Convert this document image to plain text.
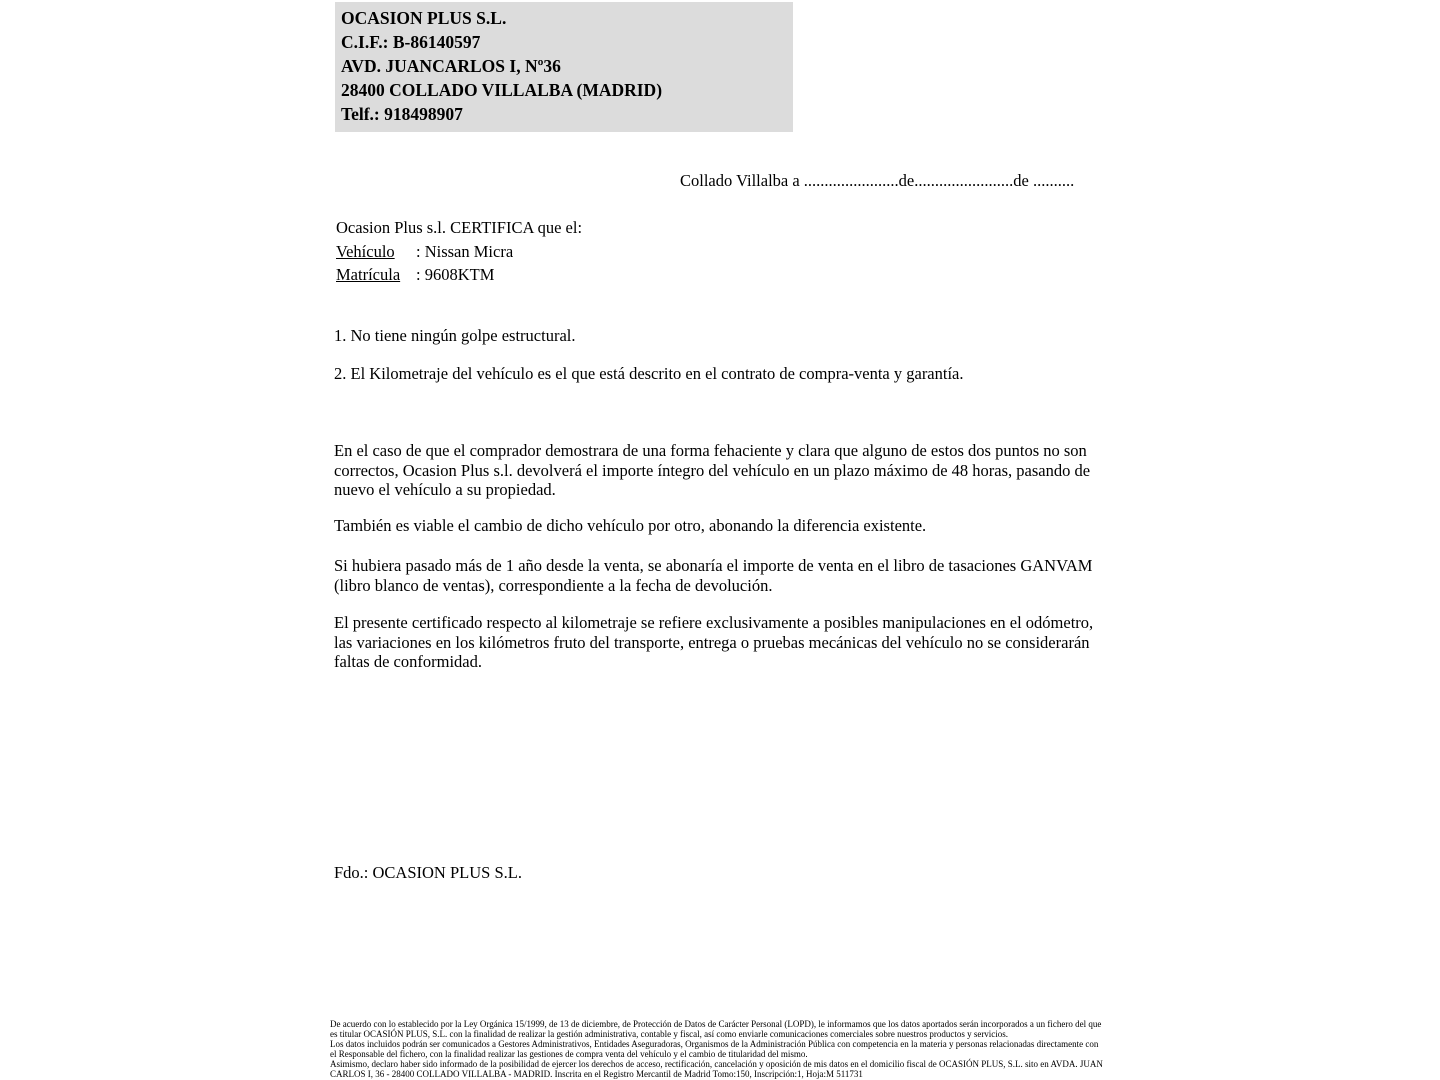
OCASION PLUS S.L.
C.I.F.: B-86140597
AVD. JUANCARLOS I, Nº36
28400 COLLADO VILLALBA (MADRID)
Telf.: 918498907
Collado Villalba a .......................de........................de ..........
Ocasion Plus s.l. CERTIFICA que el:
Vehículo : Nissan Micra
Matrícula : 9608KTM
1. No tiene ningún golpe estructural.
2. El Kilometraje del vehículo es el que está descrito en el contrato de compra-venta y garantía.
En el caso de que el comprador demostrara de una forma fehaciente y clara que alguno de estos dos puntos no son correctos, Ocasion Plus s.l. devolverá el importe íntegro del vehículo en un plazo máximo de 48 horas, pasando de nuevo el vehículo a su propiedad.
También es viable el cambio de dicho vehículo por otro, abonando la diferencia existente.
Si hubiera pasado más de 1 año desde la venta, se abonaría el importe de venta en el libro de tasaciones GANVAM (libro blanco de ventas), correspondiente a la fecha de devolución.
El presente certificado respecto al kilometraje se refiere exclusivamente a posibles manipulaciones en el odómetro, las variaciones en los kilómetros fruto del transporte, entrega o pruebas mecánicas del vehículo no se considerarán faltas de conformidad.
Fdo.: OCASION PLUS S.L.
De acuerdo con lo establecido por la Ley Orgánica 15/1999, de 13 de diciembre, de Protección de Datos de Carácter Personal (LOPD), le informamos que los datos aportados serán incorporados a un fichero del que es titular OCASIÓN PLUS, S.L. con la finalidad de realizar la gestión administrativa, contable y fiscal, así como enviarle comunicaciones comerciales sobre nuestros productos y servicios.
Los datos incluidos podrán ser comunicados a Gestores Administrativos, Entidades Aseguradoras, Organismos de la Administración Pública con competencia en la materia y personas relacionadas directamente con el Responsable del fichero, con la finalidad realizar las gestiones de compra venta del vehículo y el cambio de titularidad del mismo.
Asimismo, declaro haber sido informado de la posibilidad de ejercer los derechos de acceso, rectificación, cancelación y oposición de mis datos en el domicilio fiscal de OCASIÓN PLUS, S.L. sito en AVDA. JUAN CARLOS I, 36 - 28400 COLLADO VILLALBA - MADRID. Inscrita en el Registro Mercantil de Madrid Tomo:150, Inscripción:1, Hoja:M 511731
